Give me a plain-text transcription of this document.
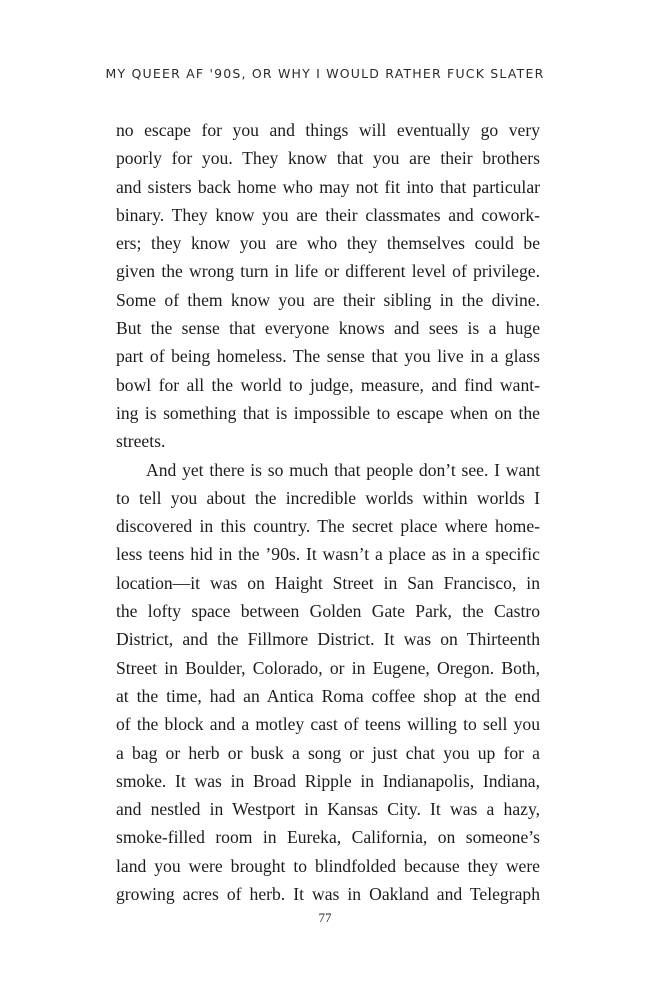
MY QUEER AF '90S, OR WHY I WOULD RATHER FUCK SLATER
no escape for you and things will eventually go very
poorly for you. They know that you are their brothers
and sisters back home who may not fit into that particular
binary. They know you are their classmates and cowork-
ers; they know you are who they themselves could be
given the wrong turn in life or different level of privilege.
Some of them know you are their sibling in the divine.
But the sense that everyone knows and sees is a huge
part of being homeless. The sense that you live in a glass
bowl for all the world to judge, measure, and find want-
ing is something that is impossible to escape when on the
streets.
And yet there is so much that people don’t see. I want
to tell you about the incredible worlds within worlds I
discovered in this country. The secret place where home-
less teens hid in the ’90s. It wasn’t a place as in a specific
location—it was on Haight Street in San Francisco, in
the lofty space between Golden Gate Park, the Castro
District, and the Fillmore District. It was on Thirteenth
Street in Boulder, Colorado, or in Eugene, Oregon. Both,
at the time, had an Antica Roma coffee shop at the end
of the block and a motley cast of teens willing to sell you
a bag or herb or busk a song or just chat you up for a
smoke. It was in Broad Ripple in Indianapolis, Indiana,
and nestled in Westport in Kansas City. It was a hazy,
smoke-filled room in Eureka, California, on someone’s
land you were brought to blindfolded because they were
growing acres of herb. It was in Oakland and Telegraph
77
